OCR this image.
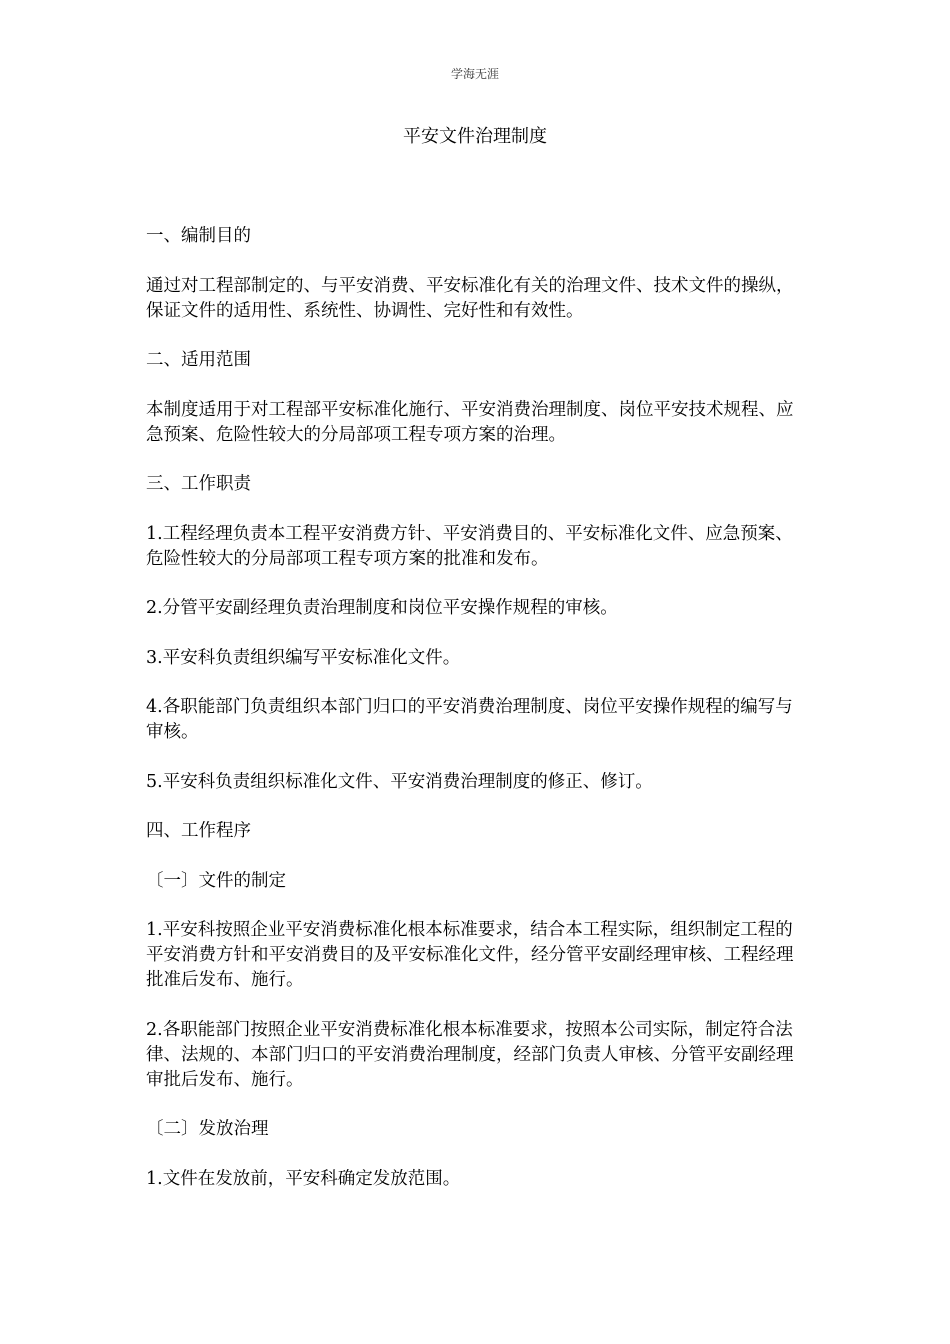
学海无涯
平安文件治理制度

一、编制目的

通过对工程部制定的、与平安消费、平安标准化有关的治理文件、技术文件的操纵，保证文件的适用性、系统性、协调性、完好性和有效性。

二、适用范围

本制度适用于对工程部平安标准化施行、平安消费治理制度、岗位平安技术规程、应急预案、危险性较大的分局部项工程专项方案的治理。

三、工作职责

1.工程经理负责本工程平安消费方针、平安消费目的、平安标准化文件、应急预案、危险性较大的分局部项工程专项方案的批准和发布。

2.分管平安副经理负责治理制度和岗位平安操作规程的审核。

3.平安科负责组织编写平安标准化文件。

4.各职能部门负责组织本部门归口的平安消费治理制度、岗位平安操作规程的编写与审核。

5.平安科负责组织标准化文件、平安消费治理制度的修正、修订。

四、工作程序

〔一〕文件的制定

1.平安科按照企业平安消费标准化根本标准要求，结合本工程实际，组织制定工程的平安消费方针和平安消费目的及平安标准化文件，经分管平安副经理审核、工程经理批准后发布、施行。

2.各职能部门按照企业平安消费标准化根本标准要求，按照本公司实际，制定符合法律、法规的、本部门归口的平安消费治理制度，经部门负责人审核、分管平安副经理审批后发布、施行。

〔二〕发放治理

1.文件在发放前，平安科确定发放范围。
